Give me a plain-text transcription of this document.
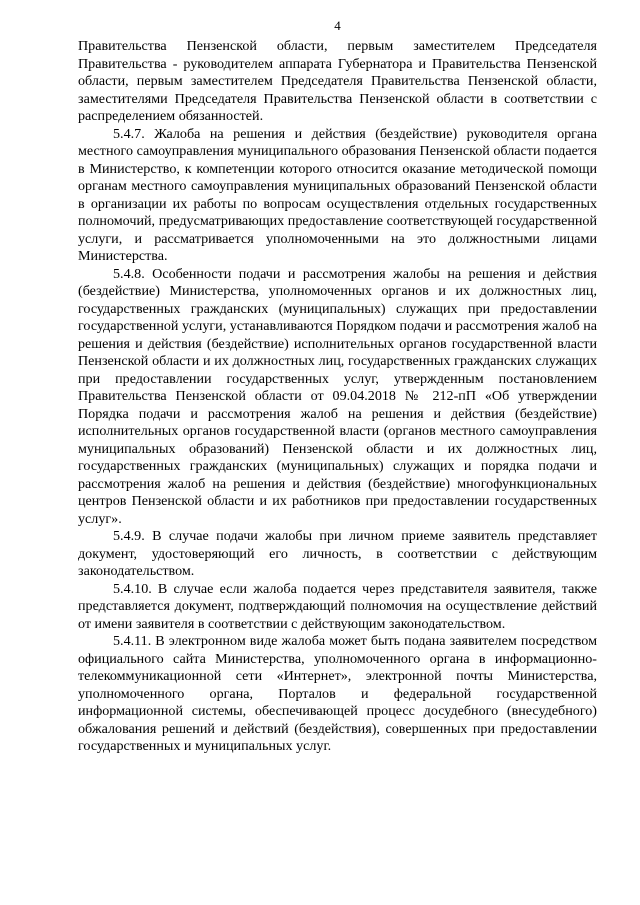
4

Правительства Пензенской области, первым заместителем Председателя Правительства - руководителем аппарата Губернатора и Правительства Пензенской области, первым заместителем Председателя Правительства Пензенской области, заместителями Председателя Правительства Пензенской области в соответствии с распределением обязанностей.

5.4.7. Жалоба на решения и действия (бездействие) руководителя органа местного самоуправления муниципального образования Пензенской области подается в Министерство, к компетенции которого относится оказание методической помощи органам местного самоуправления муниципальных образований Пензенской области в организации их работы по вопросам осуществления отдельных государственных полномочий, предусматривающих предоставление соответствующей государственной услуги, и рассматривается уполномоченными на это должностными лицами Министерства.

5.4.8. Особенности подачи и рассмотрения жалобы на решения и действия (бездействие) Министерства, уполномоченных органов и их должностных лиц, государственных гражданских (муниципальных) служащих при предоставлении государственной услуги, устанавливаются Порядком подачи и рассмотрения жалоб на решения и действия (бездействие) исполнительных органов государственной власти Пензенской области и их должностных лиц, государственных гражданских служащих при предоставлении государственных услуг, утвержденным постановлением Правительства Пензенской области от 09.04.2018 № 212-пП «Об утверждении Порядка подачи и рассмотрения жалоб на решения и действия (бездействие) исполнительных органов государственной власти (органов местного самоуправления муниципальных образований) Пензенской области и их должностных лиц, государственных гражданских (муниципальных) служащих и порядка подачи и рассмотрения жалоб на решения и действия (бездействие) многофункциональных центров Пензенской области и их работников при предоставлении государственных услуг».

5.4.9. В случае подачи жалобы при личном приеме заявитель представляет документ, удостоверяющий его личность, в соответствии с действующим законодательством.

5.4.10. В случае если жалоба подается через представителя заявителя, также представляется документ, подтверждающий полномочия на осуществление действий от имени заявителя в соответствии с действующим законодательством.

5.4.11. В электронном виде жалоба может быть подана заявителем посредством официального сайта Министерства, уполномоченного органа в информационно-телекоммуникационной сети «Интернет», электронной почты Министерства, уполномоченного органа, Порталов и федеральной государственной информационной системы, обеспечивающей процесс досудебного (внесудебного) обжалования решений и действий (бездействия), совершенных при предоставлении государственных и муниципальных услуг.
